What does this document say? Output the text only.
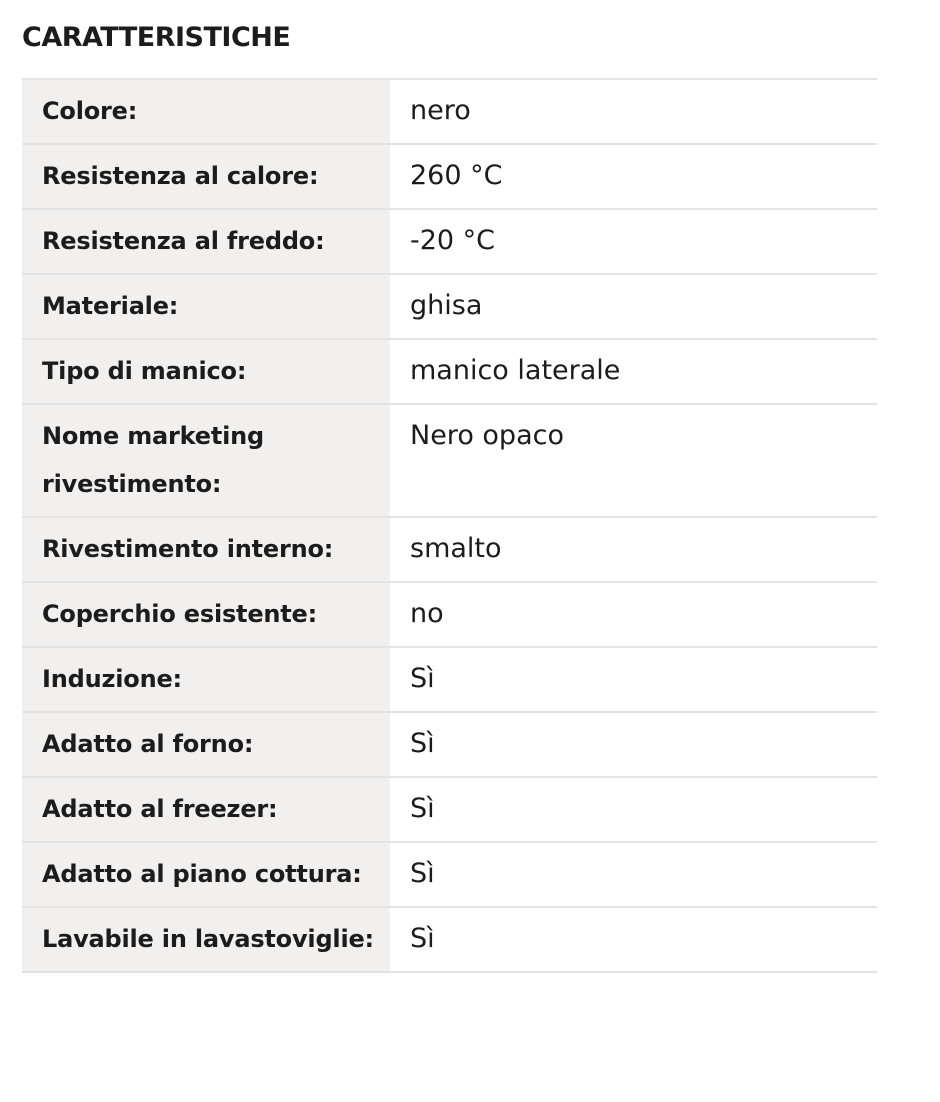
CARATTERISTICHE
Colore:	nero

Resistenza al calore:	260 °C

Resistenza al freddo:	-20 °C

Materiale:	ghisa

Tipo di manico:	manico laterale

Nome marketing rivestimento:	Nero opaco

Rivestimento interno:	smalto

Coperchio esistente:	no

Induzione:	Sì

Adatto al forno:	Sì

Adatto al freezer:	Sì

Adatto al piano cottura:	Sì

Lavabile in lavastoviglie:	Sì
